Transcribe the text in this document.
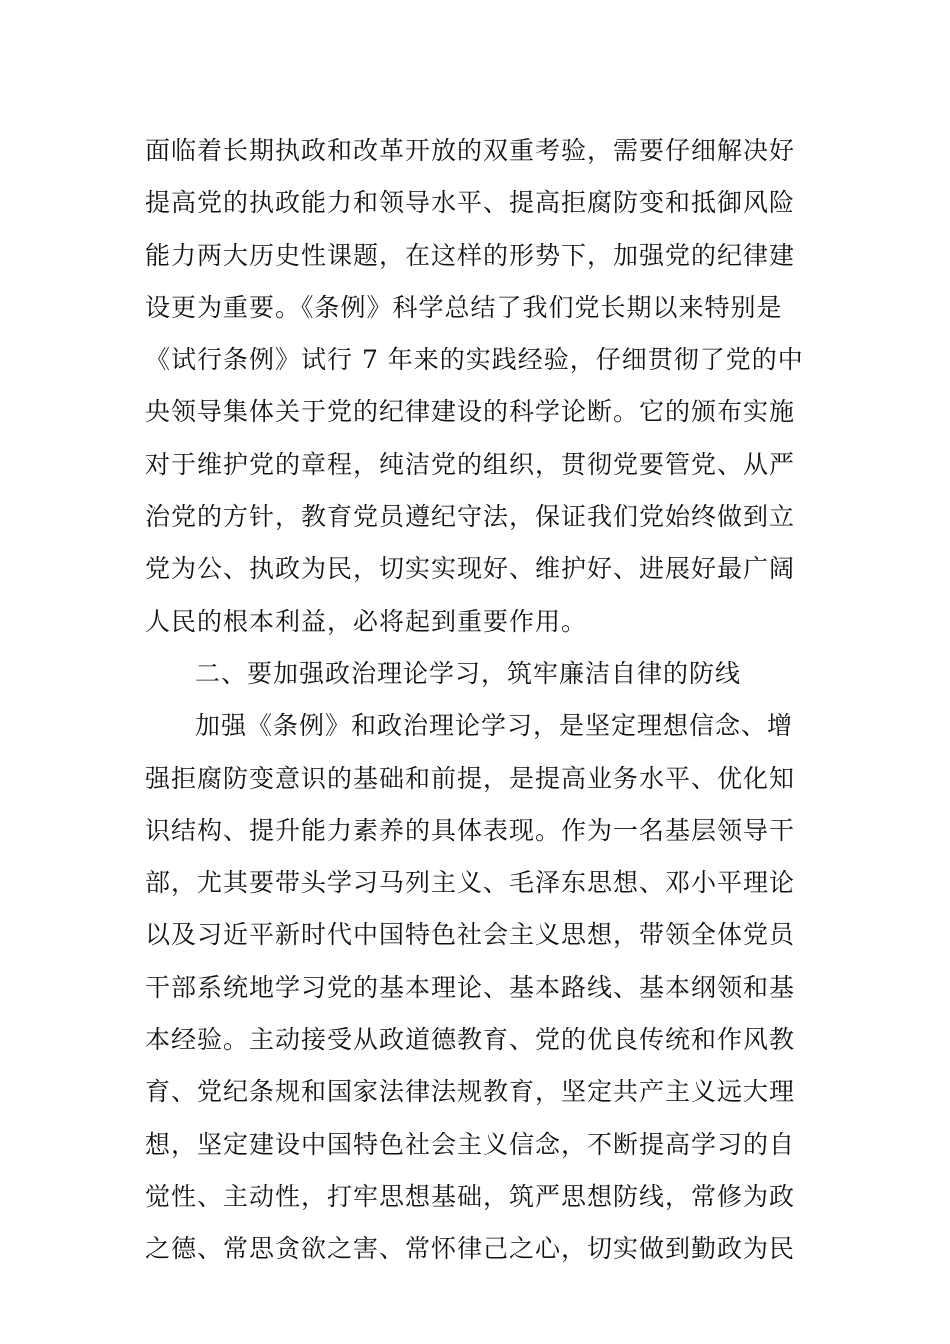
面临着长期执政和改革开放的双重考验，需要仔细解决好
提高党的执政能力和领导水平、提高拒腐防变和抵御风险
能力两大历史性课题，在这样的形势下，加强党的纪律建
设更为重要。《条例》科学总结了我们党长期以来特别是
《试行条例》试行 7 年来的实践经验，仔细贯彻了党的中
央领导集体关于党的纪律建设的科学论断。它的颁布实施
对于维护党的章程，纯洁党的组织，贯彻党要管党、从严
治党的方针，教育党员遵纪守法，保证我们党始终做到立
党为公、执政为民，切实实现好、维护好、进展好最广阔
人民的根本利益，必将起到重要作用。
二、要加强政治理论学习，筑牢廉洁自律的防线
加强《条例》和政治理论学习，是坚定理想信念、增
强拒腐防变意识的基础和前提，是提高业务水平、优化知
识结构、提升能力素养的具体表现。作为一名基层领导干
部，尤其要带头学习马列主义、毛泽东思想、邓小平理论
以及习近平新时代中国特色社会主义思想，带领全体党员
干部系统地学习党的基本理论、基本路线、基本纲领和基
本经验。主动接受从政道德教育、党的优良传统和作风教
育、党纪条规和国家法律法规教育，坚定共产主义远大理
想，坚定建设中国特色社会主义信念，不断提高学习的自
觉性、主动性，打牢思想基础，筑严思想防线，常修为政
之德、常思贪欲之害、常怀律己之心，切实做到勤政为民
